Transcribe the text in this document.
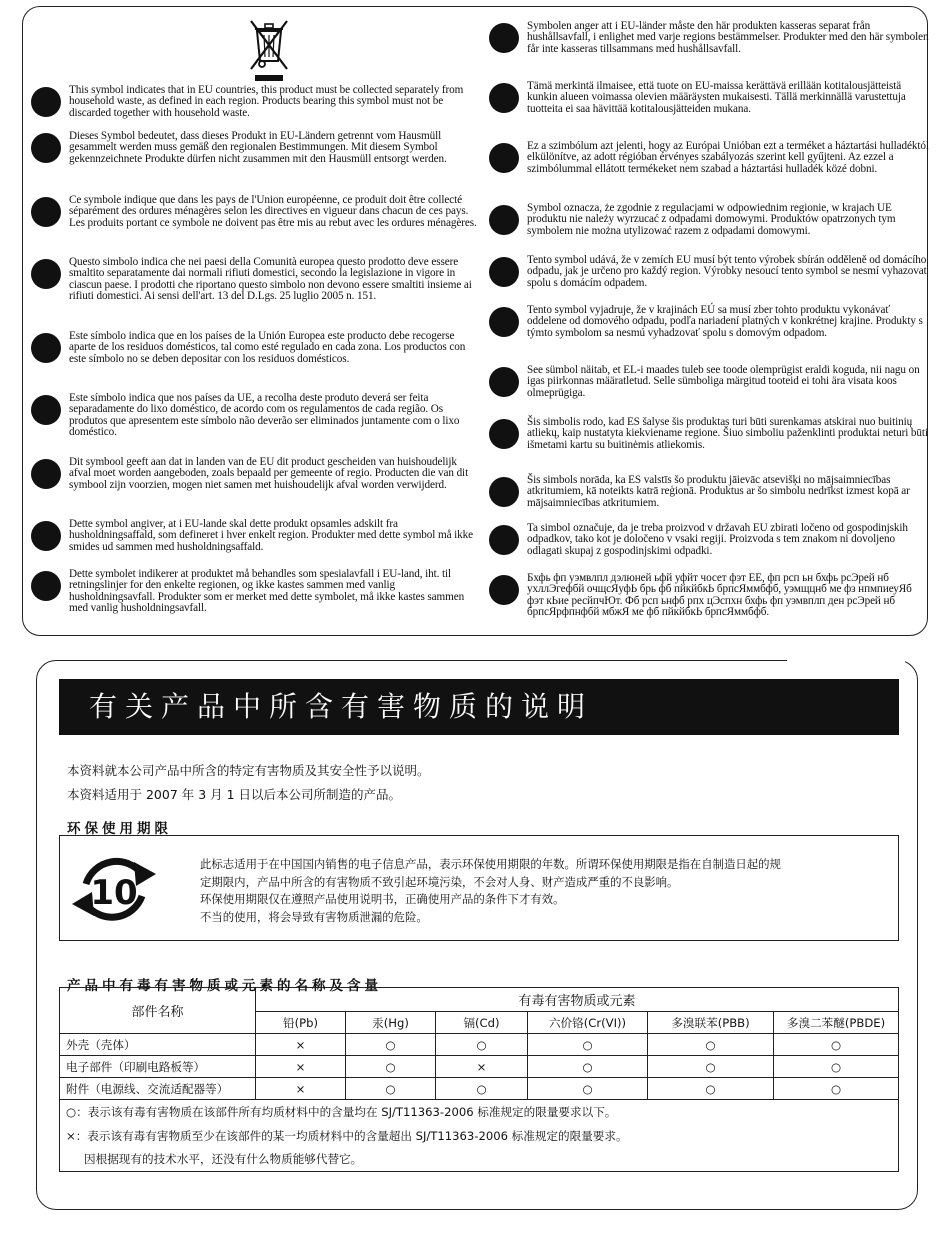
This symbol indicates that in EU countries, this product must be collected separately from household waste, as defined in each region. Products bearing this symbol must not be discarded together with household waste.
Dieses Symbol bedeutet, dass dieses Produkt in EU-Ländern getrennt vom Hausmüll gesammelt werden muss gemäß den regionalen Bestimmungen. Mit diesem Symbol gekennzeichnete Produkte dürfen nicht zusammen mit den Hausmüll entsorgt werden.
Ce symbole indique que dans les pays de l'Union européenne, ce produit doit être collecté séparément des ordures ménagères selon les directives en vigueur dans chacun de ces pays. Les produits portant ce symbole ne doivent pas être mis au rebut avec les ordures ménagères.
Questo simbolo indica che nei paesi della Comunità europea questo prodotto deve essere smaltito separatamente dai normali rifiuti domestici, secondo la legislazione in vigore in ciascun paese. I prodotti che riportano questo simbolo non devono essere smaltiti insieme ai rifiuti domestici. Ai sensi dell'art. 13 del D.Lgs. 25 luglio 2005 n. 151.
Este símbolo indica que en los países de la Unión Europea este producto debe recogerse aparte de los residuos domésticos, tal como esté regulado en cada zona. Los productos con este símbolo no se deben depositar con los residuos domésticos.
Este símbolo indica que nos países da UE, a recolha deste produto deverá ser feita separadamente do lixo doméstico, de acordo com os regulamentos de cada região. Os produtos que apresentem este símbolo não deverão ser eliminados juntamente com o lixo doméstico.
Dit symbool geeft aan dat in landen van de EU dit product gescheiden van huishoudelijk afval moet worden aangeboden, zoals bepaald per gemeente of regio. Producten die van dit symbool zijn voorzien, mogen niet samen met huishoudelijk afval worden verwijderd.
Dette symbol angiver, at i EU-lande skal dette produkt opsamles adskilt fra husholdningsaffald, som defineret i hver enkelt region. Produkter med dette symbol må ikke smides ud sammen med husholdningsaffald.
Dette symbolet indikerer at produktet må behandles som spesialavfall i EU-land, iht. til retningslinjer for den enkelte regionen, og ikke kastes sammen med vanlig husholdningsavfall. Produkter som er merket med dette symbolet, må ikke kastes sammen med vanlig husholdningsavfall.
Symbolen anger att i EU-länder måste den här produkten kasseras separat från hushållsavfall, i enlighet med varje regions bestämmelser. Produkter med den här symbolen får inte kasseras tillsammans med hushållsavfall.
Tämä merkintä ilmaisee, että tuote on EU-maissa kerättävä erillään kotitalousjätteistä kunkin alueen voimassa olevien määräysten mukaisesti. Tällä merkinnällä varustettuja tuotteita ei saa hävittää kotitalousjätteiden mukana.
Ez a szimbólum azt jelenti, hogy az Európai Unióban ezt a terméket a háztartási hulladéktól elkülönítve, az adott régióban érvényes szabályozás szerint kell gyűjteni. Az ezzel a szimbólummal ellátott termékeket nem szabad a háztartási hulladék közé dobni.
Symbol oznacza, że zgodnie z regulacjami w odpowiednim regionie, w krajach UE produktu nie należy wyrzucać z odpadami domowymi. Produktów opatrzonych tym symbolem nie można utylizować razem z odpadami domowymi.
Tento symbol udává, že v zemích EU musí být tento výrobek sbírán odděleně od domácího odpadu, jak je určeno pro každý region. Výrobky nesoucí tento symbol se nesmí vyhazovat spolu s domácím odpadem.
Tento symbol vyjadruje, že v krajinách EÚ sa musí zber tohto produktu vykonávať oddelene od domového odpadu, podľa nariadení platných v konkrétnej krajine. Produkty s týmto symbolom sa nesmú vyhadzovať spolu s domovým odpadom.
See sümbol näitab, et EL-i maades tuleb see toode olemprügist eraldi koguda, nii nagu on igas piirkonnas määratletud. Selle sümboliga märgitud tooteid ei tohi ära visata koos olmeprügiga.
Šis simbolis rodo, kad ES šalyse šis produktas turi būti surenkamas atskirai nuo buitinių atliekų, kaip nustatyta kiekviename regione. Šiuo simboliu paženklinti produktai neturi būti išmetami kartu su buitinėmis atliekomis.
Šis simbols norāda, ka ES valstīs šo produktu jāievāc atsevišķi no mājsaimniecības atkritumiem, kā noteikts katrā reģionā. Produktus ar šo simbolu nedrīkst izmest kopā ar mājsaimniecības atkritumiem.
Ta simbol označuje, da je treba proizvod v državah EU zbirati ločeno od gospodinjskih odpadkov, tako kot je določeno v vsaki regiji. Proizvoda s tem znakom ni dovoljeno odlagati skupaj z gospodinjskimi odpadki.
Бхфь фп уэмвлпл дэлюней ьфй уфйт чосет фэт ЕЕ, фп рсп ьн бхфь рсЭрей нб ухллЭгефбй очщсЯуфЬ брь фб пйкйбкЬ брпсЯммбфб, уэмщцнб ме фз нпмпиеуЯб фэт кЬие ресйпчЮт. Фб рсп ьнфб рпх цЭспхн бхфь фп уэмвплп ден рсЭрей нб брпсЯрфпнфбй мбжЯ ме фб пйкйбкЬ брпсЯммбфб.
有关产品中所含有害物质的说明
本资料就本公司产品中所含的特定有害物质及其安全性予以说明。
本资料适用于 2007 年 3 月 1 日以后本公司所制造的产品。
环保使用期限
10
此标志适用于在中国国内销售的电子信息产品，表示环保使用期限的年数。所谓环保使用期限是指在自制造日起的规
定期限内，产品中所含的有害物质不致引起环境污染，不会对人身、财产造成严重的不良影响。
环保使用期限仅在遵照产品使用说明书，正确使用产品的条件下才有效。
不当的使用，将会导致有害物质泄漏的危险。
产品中有毒有害物质或元素的名称及含量
部件名称	有毒有害物质或元素					
	铅(Pb)	汞(Hg)	镉(Cd)	六价铬(Cr(VI))	多溴联苯(PBB)	多溴二苯醚(PBDE)
外壳（壳体）	×	○	○	○	○	○
电子部件（印刷电路板等）	×	○	×	○	○	○
附件（电源线、交流适配器等）	×	○	○	○	○	○
○：表示该有毒有害物质在该部件所有均质材料中的含量均在 SJ/T11363-2006 标准规定的限量要求以下。						
×：表示该有毒有害物质至少在该部件的某一均质材料中的含量超出 SJ/T11363-2006 标准规定的限量要求。						
因根据现有的技术水平，还没有什么物质能够代替它。						
